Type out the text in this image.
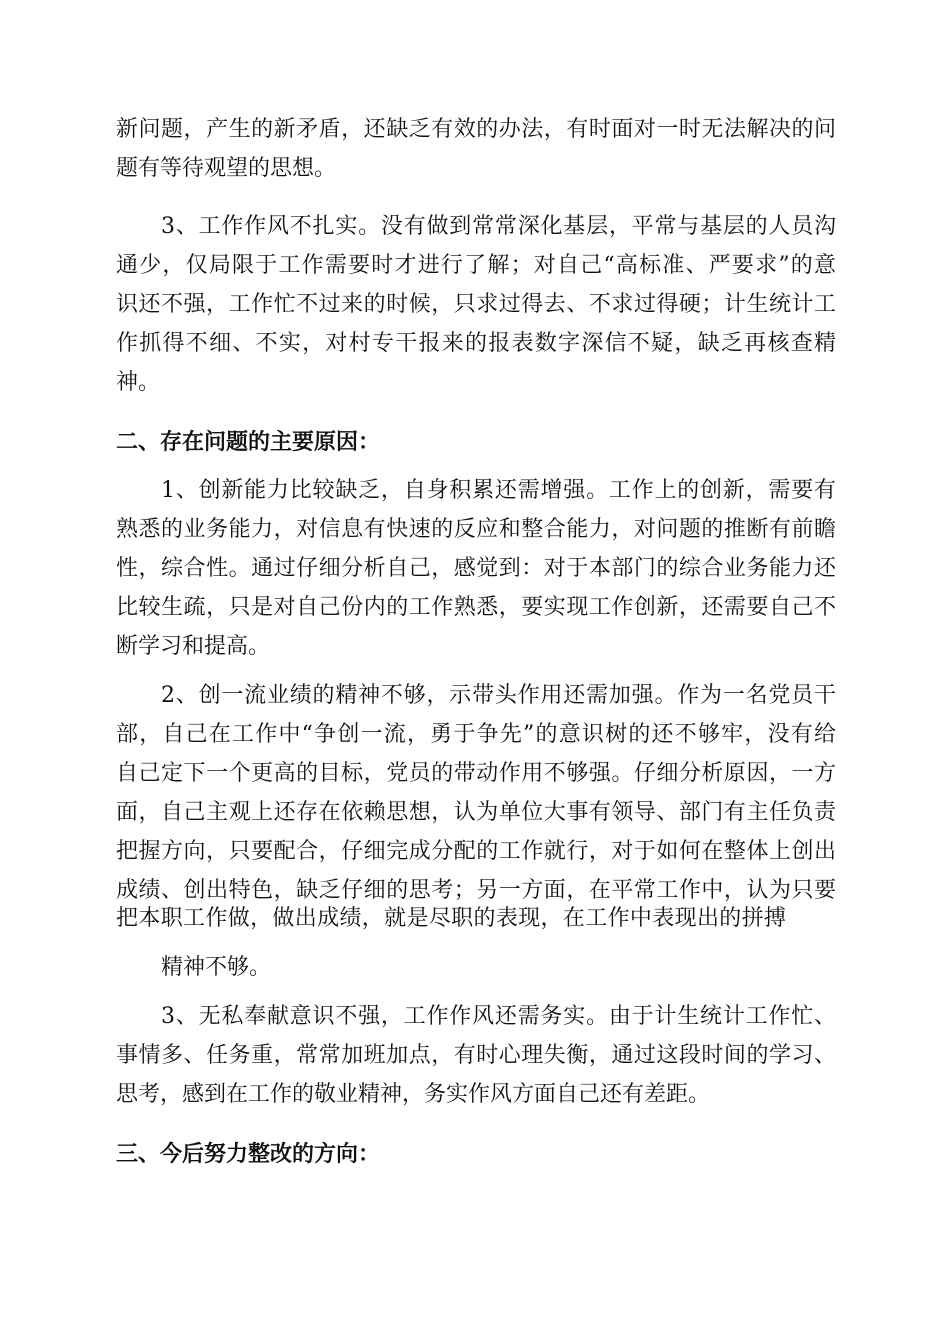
新问题，产生的新矛盾，还缺乏有效的办法，有时面对一时无法解决的问
题有等待观望的思想。
3、工作作风不扎实。没有做到常常深化基层，平常与基层的人员沟
通少，仅局限于工作需要时才进行了解；对自己“高标准、严要求”的意
识还不强，工作忙不过来的时候，只求过得去、不求过得硬；计生统计工
作抓得不细、不实，对村专干报来的报表数字深信不疑，缺乏再核查精
神。
二、存在问题的主要原因：
1、创新能力比较缺乏，自身积累还需增强。工作上的创新，需要有
熟悉的业务能力，对信息有快速的反应和整合能力，对问题的推断有前瞻
性，综合性。通过仔细分析自己，感觉到：对于本部门的综合业务能力还
比较生疏，只是对自己份内的工作熟悉，要实现工作创新，还需要自己不
断学习和提高。
2、创一流业绩的精神不够，示带头作用还需加强。作为一名党员干
部，自己在工作中“争创一流，勇于争先”的意识树的还不够牢，没有给
自己定下一个更高的目标，党员的带动作用不够强。仔细分析原因，一方
面，自己主观上还存在依赖思想，认为单位大事有领导、部门有主任负责
把握方向，只要配合，仔细完成分配的工作就行，对于如何在整体上创出
成绩、创出特色，缺乏仔细的思考；另一方面，在平常工作中，认为只要
把本职工作做，做出成绩，就是尽职的表现，在工作中表现出的拼搏
精神不够。
3、无私奉献意识不强，工作作风还需务实。由于计生统计工作忙、
事情多、任务重，常常加班加点，有时心理失衡，通过这段时间的学习、
思考，感到在工作的敬业精神，务实作风方面自己还有差距。
三、今后努力整改的方向：
